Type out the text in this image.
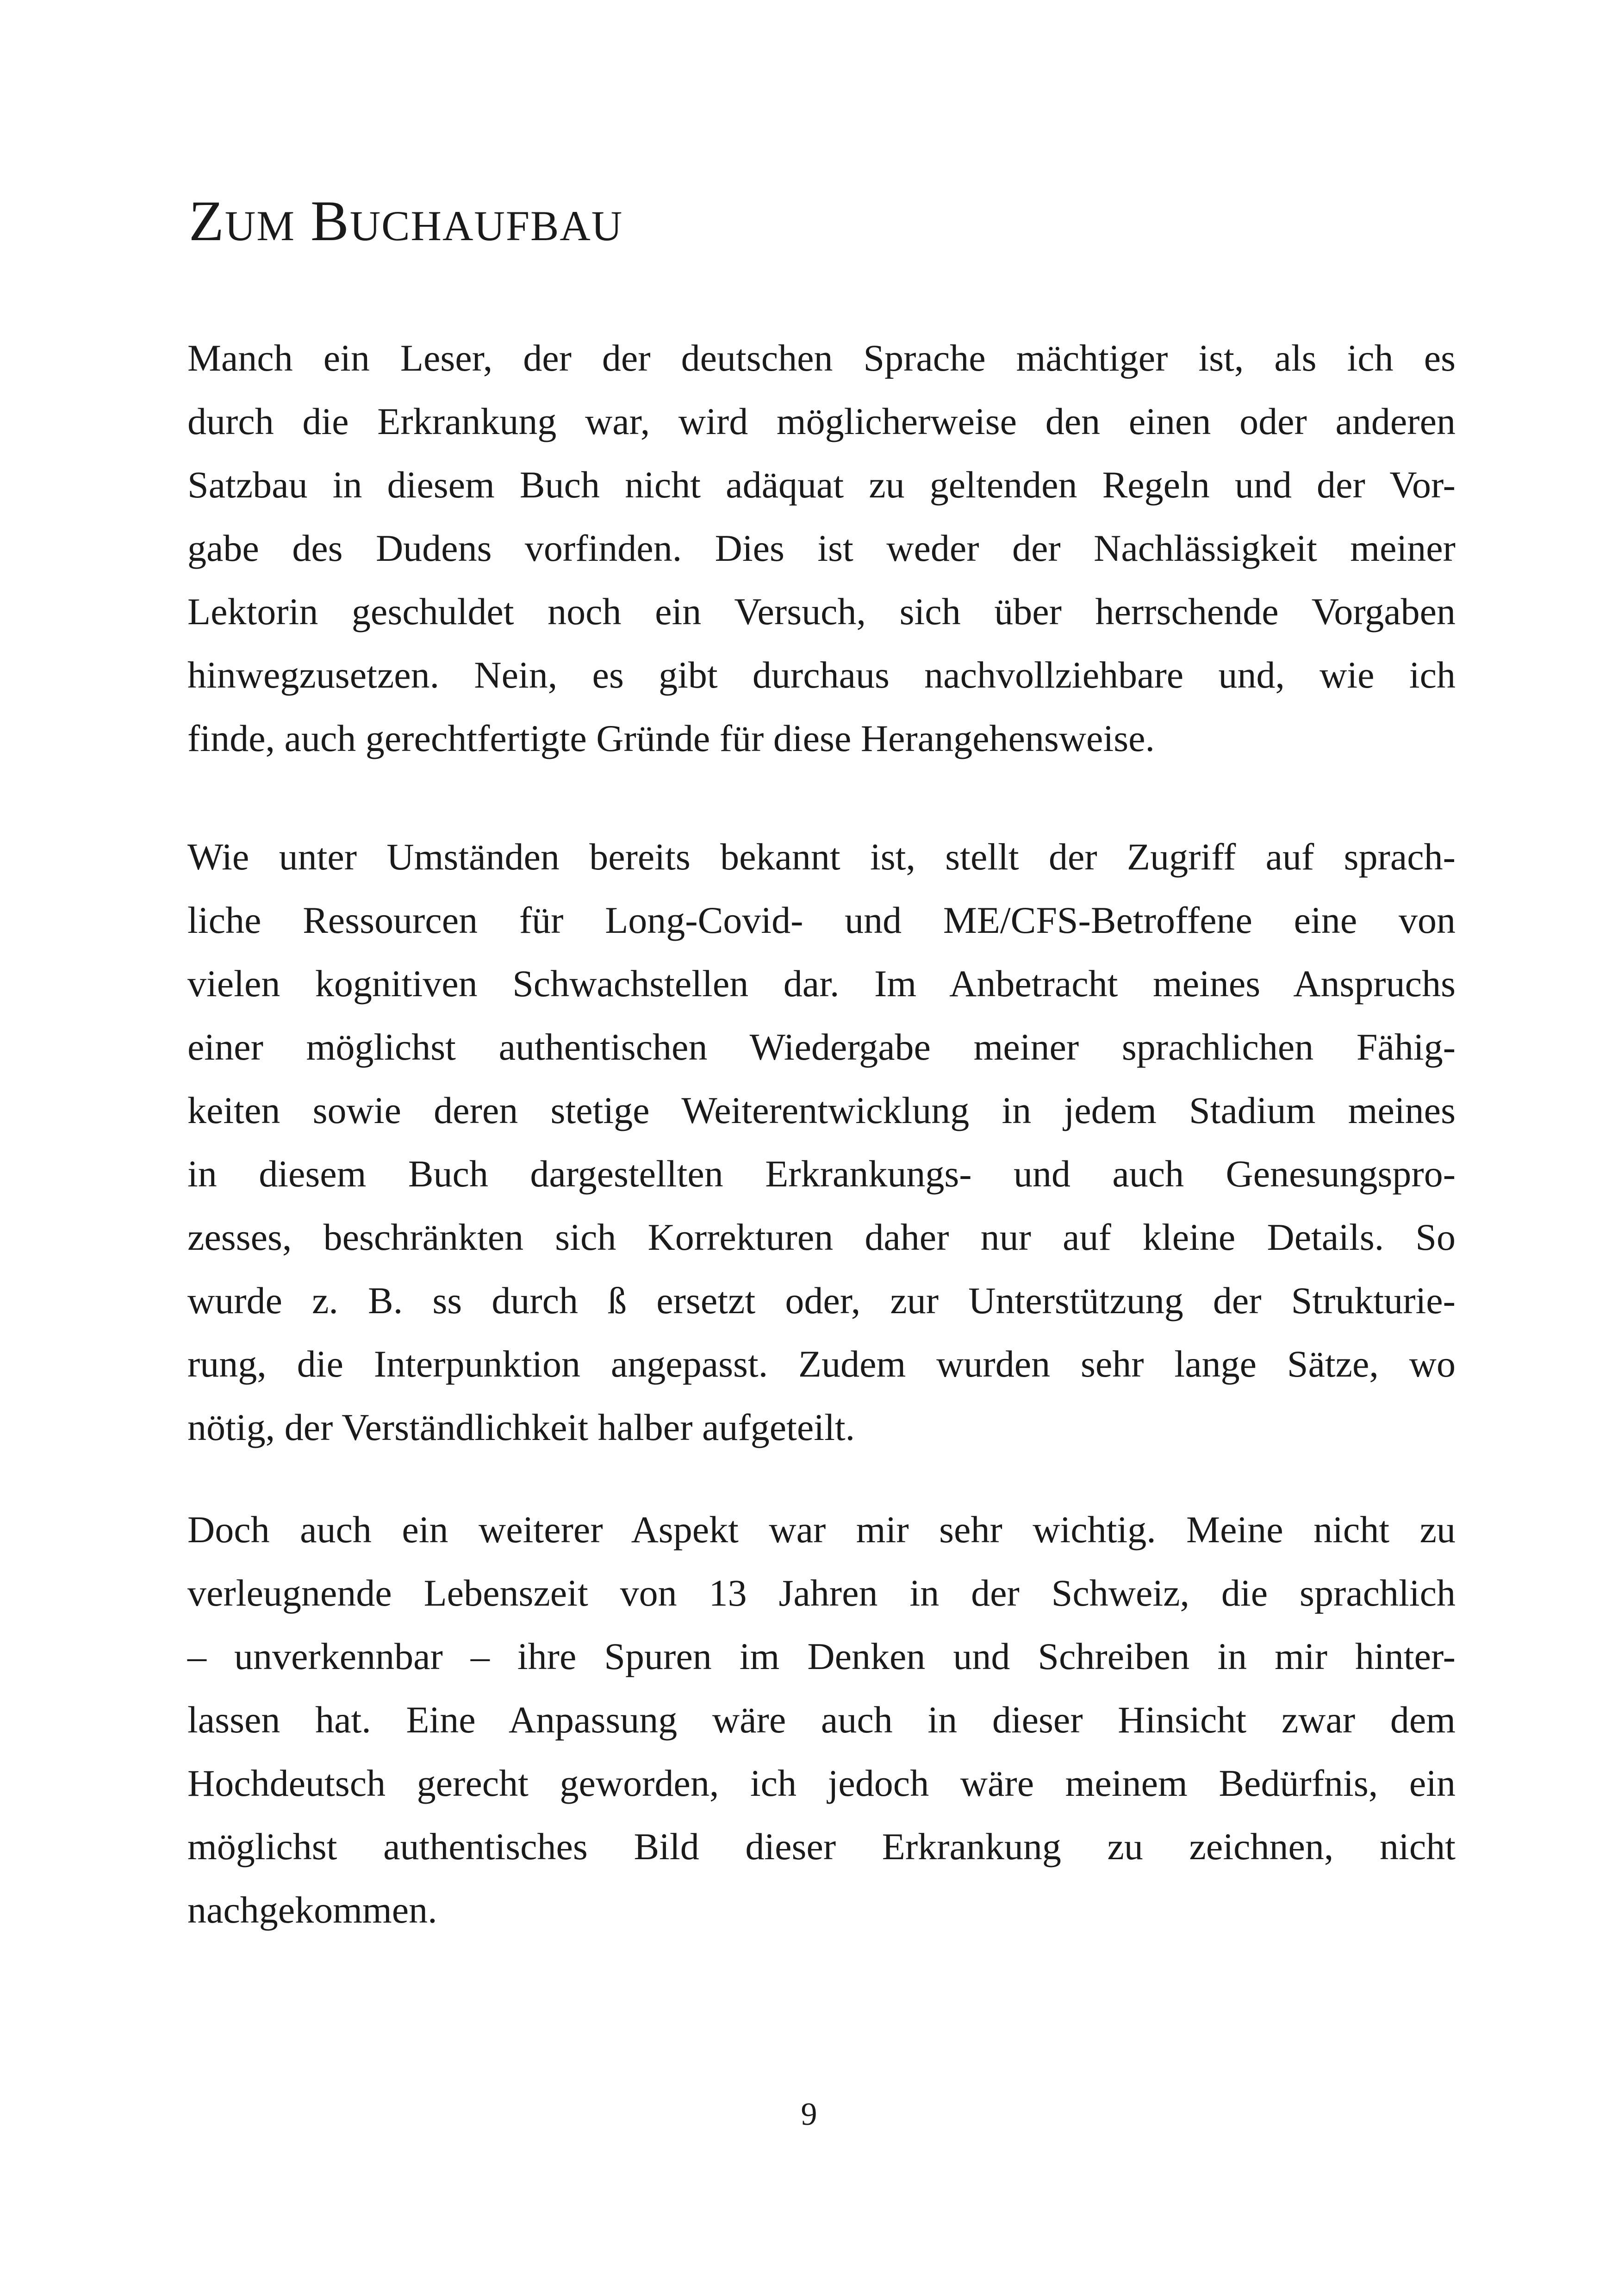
ZUM BUCHAUFBAU

Manch ein Leser, der der deutschen Sprache mächtiger ist, als ich es
durch die Erkrankung war, wird möglicherweise den einen oder anderen
Satzbau in diesem Buch nicht adäquat zu geltenden Regeln und der Vor-
gabe des Dudens vorfinden. Dies ist weder der Nachlässigkeit meiner
Lektorin geschuldet noch ein Versuch, sich über herrschende Vorgaben
hinwegzusetzen. Nein, es gibt durchaus nachvollziehbare und, wie ich
finde, auch gerechtfertigte Gründe für diese Herangehensweise.

Wie unter Umständen bereits bekannt ist, stellt der Zugriff auf sprach-
liche Ressourcen für Long-Covid- und ME/CFS-Betroffene eine von
vielen kognitiven Schwachstellen dar. Im Anbetracht meines Anspruchs
einer möglichst authentischen Wiedergabe meiner sprachlichen Fähig-
keiten sowie deren stetige Weiterentwicklung in jedem Stadium meines
in diesem Buch dargestellten Erkrankungs- und auch Genesungspro-
zesses, beschränkten sich Korrekturen daher nur auf kleine Details. So
wurde z. B. ss durch ß ersetzt oder, zur Unterstützung der Strukturie-
rung, die Interpunktion angepasst. Zudem wurden sehr lange Sätze, wo
nötig, der Verständlichkeit halber aufgeteilt.

Doch auch ein weiterer Aspekt war mir sehr wichtig. Meine nicht zu
verleugnende Lebenszeit von 13 Jahren in der Schweiz, die sprachlich
– unverkennbar – ihre Spuren im Denken und Schreiben in mir hinter-
lassen hat. Eine Anpassung wäre auch in dieser Hinsicht zwar dem
Hochdeutsch gerecht geworden, ich jedoch wäre meinem Bedürfnis, ein
möglichst authentisches Bild dieser Erkrankung zu zeichnen, nicht
nachgekommen.

9
